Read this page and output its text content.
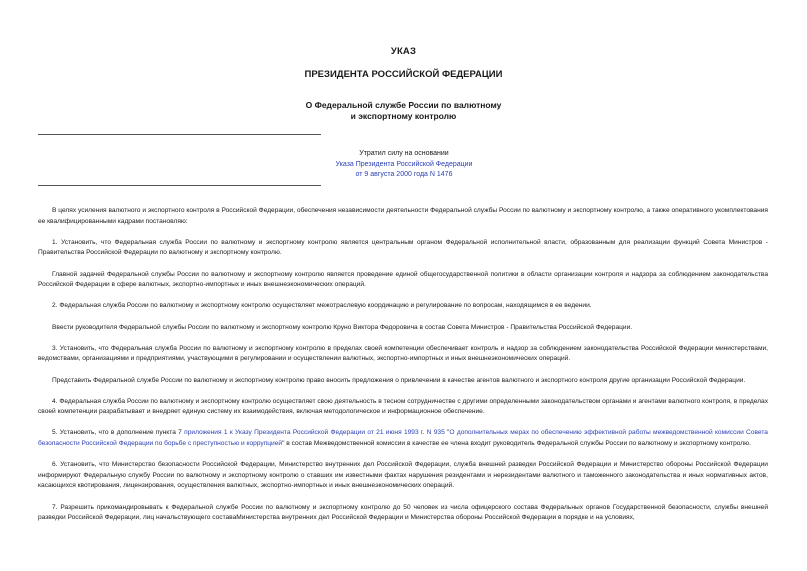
УКАЗ
ПРЕЗИДЕНТА РОССИЙСКОЙ ФЕДЕРАЦИИ
О Федеральной службе России по валютному
и экспортному контролю
Утратил силу на основании
Указа Президента Российской Федерации
от 9 августа 2000 года N 1476

В целях усиления валютного и экспортного контроля в Российской Федерации, обеспечения независимости деятельности Федеральной службы России по валютному и экспортному контролю, а также оперативного укомплектования ее квалифицированными кадрами постановляю:

1. Установить, что Федеральная служба России по валютному и экспортному контролю является центральным органом Федеральной исполнительной власти, образованным для реализации функций Совета Министров - Правительства Российской Федерации по валютному и экспортному контролю.

Главной задачей Федеральной службы России по валютному и экспортному контролю является проведение единой общегосударственной политики в области организации контроля и надзора за соблюдением законодательства Российской Федерации в сфере валютных, экспортно-импортных и иных внешнеэкономических операций.

2. Федеральная служба России по валютному и экспортному контролю осуществляет межотраслевую координацию и регулирование по вопросам, находящимся в ее ведении.

Ввести руководителя Федеральной службы России по валютному и экспортному контролю Круно Виктора Федоровича в состав Совета Министров - Правительства Российской Федерации.

3. Установить, что Федеральная служба России по валютному и экспортному контролю в пределах своей компетенции обеспечивает контроль и надзор за соблюдением законодательства Российской Федерации министерствами, ведомствами, организациями и предприятиями, участвующими в регулировании и осуществлении валютных, экспортно-импортных и иных внешнеэкономических операций.

Представить Федеральной службе России по валютному и экспортному контролю право вносить предложения о привлечении в качестве агентов валютного и экспортного контроля другие организации Российской Федерации.

4. Федеральная служба России по валютному и экспортному контролю осуществляет свою деятельность в тесном сотрудничестве с другими определенными законодательством органами и агентами валютного контроля, в пределах своей компетенции разрабатывает и внедряет единую систему их взаимодействия, включая методологическое и информационное обеспечение.

5. Установить, что в дополнение пункта 7 приложения 1 к Указу Президента Российской Федерации от 21 июня 1993 г. N 935 "О дополнительных мерах по обеспечению эффективной работы межведомственной комиссии Совета безопасности Российской Федерации по борьбе с преступностью и коррупцией" в состав Межведомственной комиссии в качестве ее члена входит руководитель Федеральной службы России по валютному и экспортному контролю.

6. Установить, что Министерство безопасности Российской Федерации, Министерство внутренних дел Российской Федерации, служба внешней разведки Российской Федерации и Министерство обороны Российской Федерации информируют Федеральную службу России по валютному и экспортному контролю о ставших им известными фактах нарушения резидентами и нерезидентами валютного и таможенного законодательства и иных нормативных актов, касающихся квотирования, лицензирования, осуществления валютных, экспортно-импортных и иных внешнеэкономических операций.

7. Разрешить прикомандировывать к Федеральной службе России по валютному и экспортному контролю до 50 человек из числа офицерского состава Федеральных органов Государственной безопасности, службы внешней разведки Российской Федерации, лиц начальствующего составаМинистерства внутренних дел Российской Федерации и Министерства обороны Российской Федерации в порядке и на условиях,
